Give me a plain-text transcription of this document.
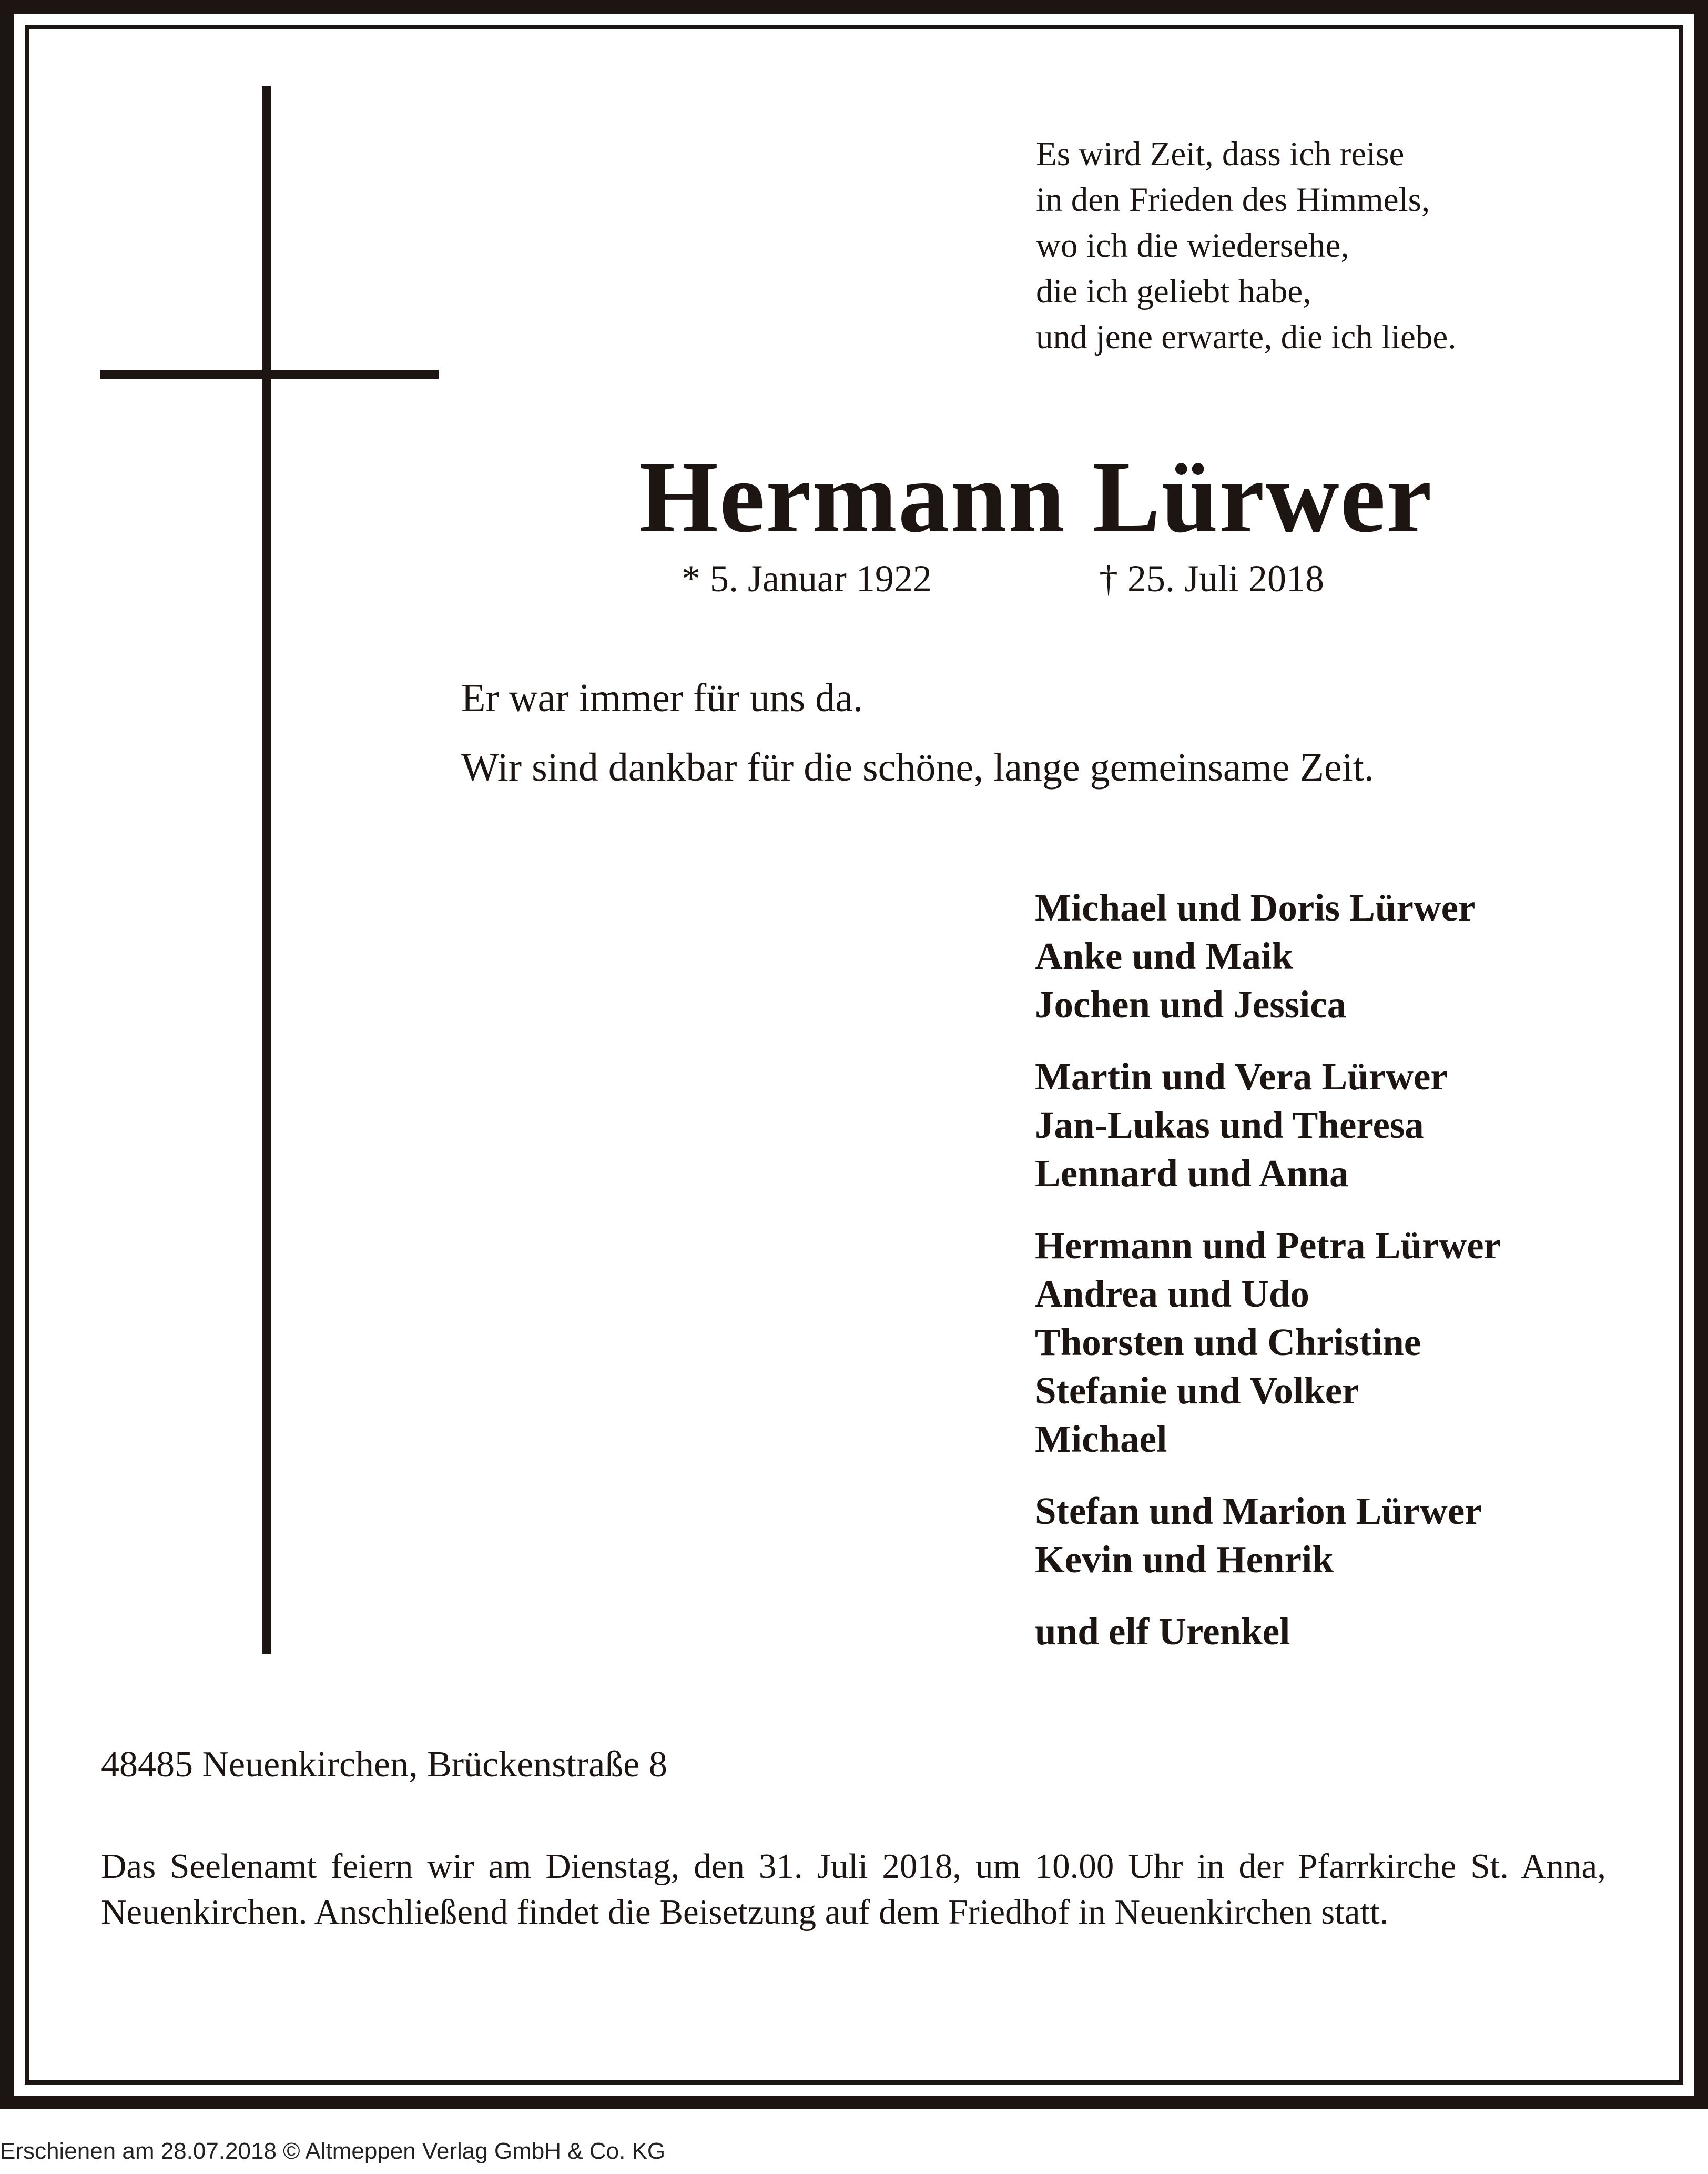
Es wird Zeit, dass ich reise
in den Frieden des Himmels,
wo ich die wiedersehe,
die ich geliebt habe,
und jene erwarte, die ich liebe.
Hermann Lürwer
* 5. Januar 1922	† 25. Juli 2018
Er war immer für uns da.
Wir sind dankbar für die schöne, lange gemeinsame Zeit.
Michael und Doris Lürwer
Anke und Maik
Jochen und Jessica
Martin und Vera Lürwer
Jan-Lukas und Theresa
Lennard und Anna
Hermann und Petra Lürwer
Andrea und Udo
Thorsten und Christine
Stefanie und Volker
Michael
Stefan und Marion Lürwer
Kevin und Henrik
und elf Urenkel
48485 Neuenkirchen, Brückenstraße 8
Das Seelenamt feiern wir am Dienstag, den 31. Juli 2018, um 10.00 Uhr in der Pfarrkirche St. Anna, Neuenkirchen. Anschließend findet die Beisetzung auf dem Friedhof in Neuenkirchen statt.
Erschienen am 28.07.2018 © Altmeppen Verlag GmbH & Co. KG
